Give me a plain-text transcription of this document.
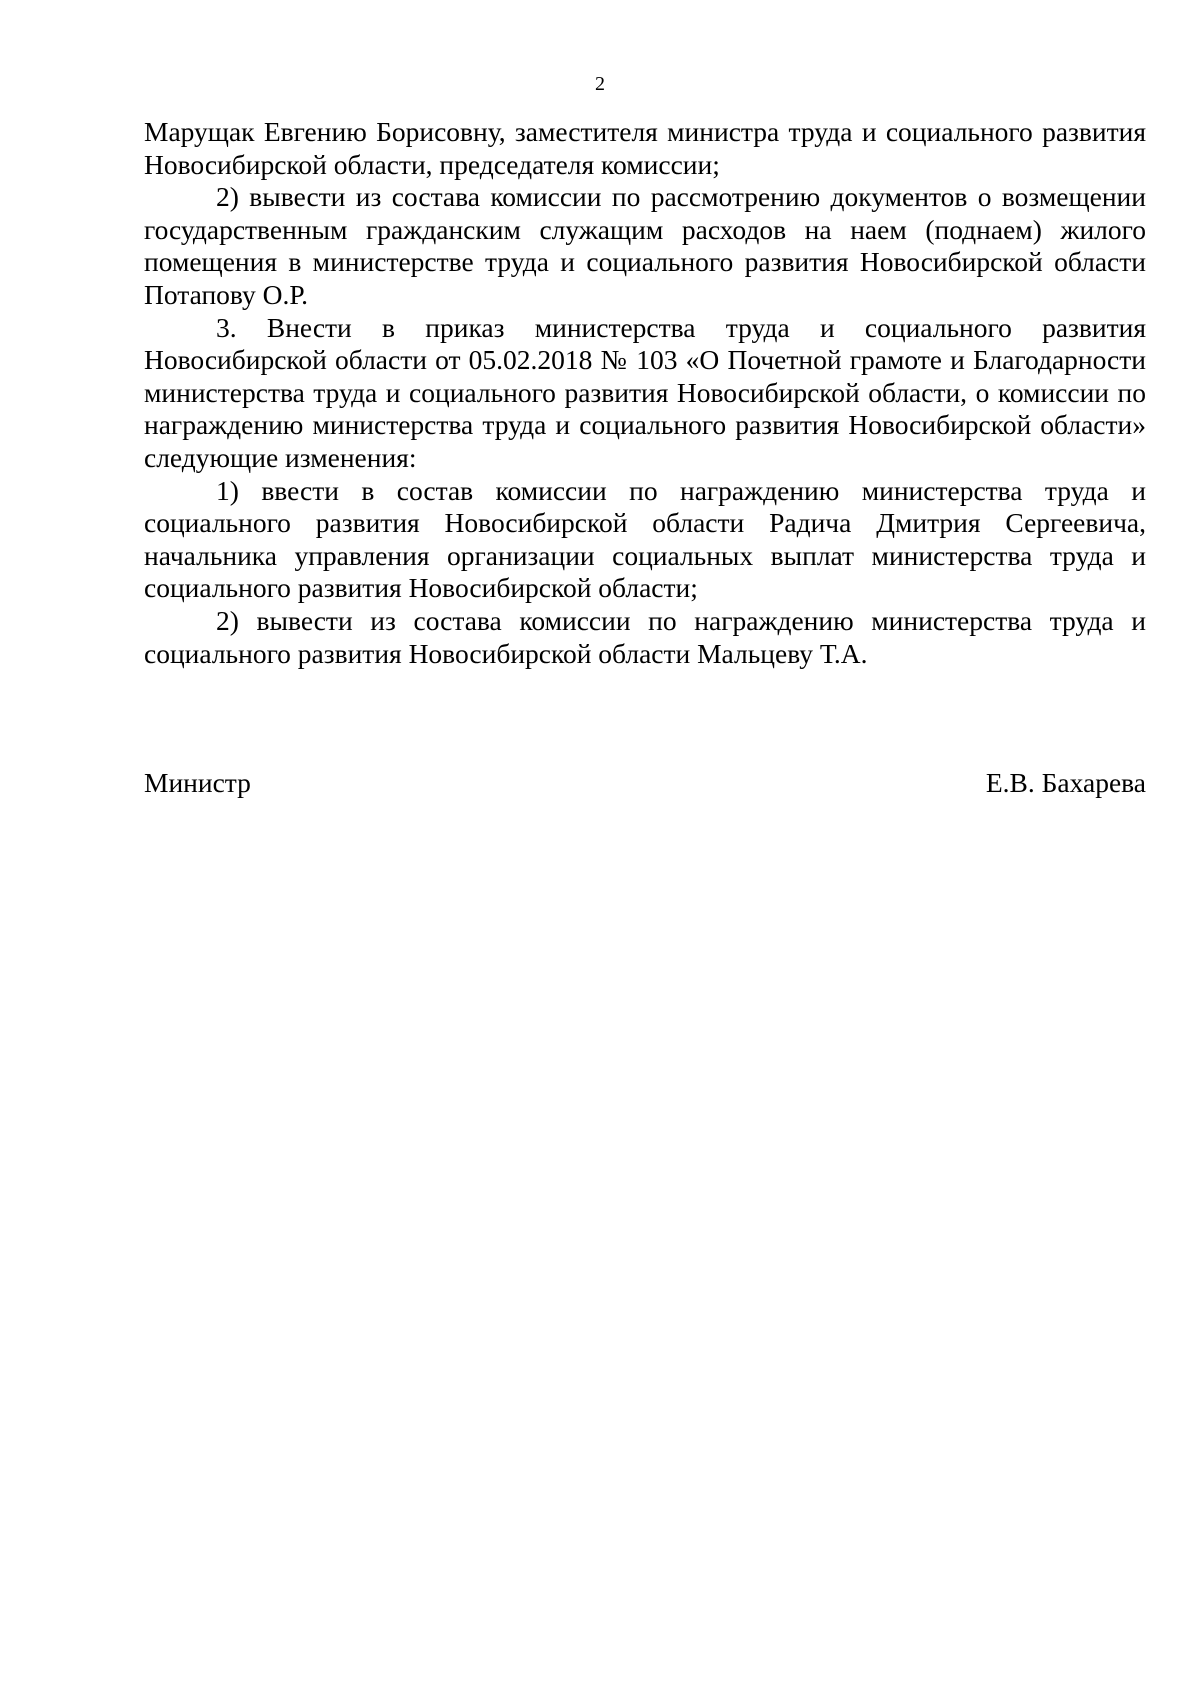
2

Марущак Евгению Борисовну, заместителя министра труда и социального развития Новосибирской области, председателя комиссии;

2) вывести из состава комиссии по рассмотрению документов о возмещении государственным гражданским служащим расходов на наем (поднаем) жилого помещения в министерстве труда и социального развития Новосибирской области Потапову О.Р.

3. Внести в приказ министерства труда и социального развития Новосибирской области от 05.02.2018 № 103 «О Почетной грамоте и Благодарности министерства труда и социального развития Новосибирской области, о комиссии по награждению министерства труда и социального развития Новосибирской области» следующие изменения:

1) ввести в состав комиссии по награждению министерства труда и социального развития Новосибирской области Радича Дмитрия Сергеевича, начальника управления организации социальных выплат министерства труда и социального развития Новосибирской области;

2) вывести из состава комиссии по награждению министерства труда и социального развития Новосибирской области Мальцеву Т.А.

Министр	Е.В. Бахарева
